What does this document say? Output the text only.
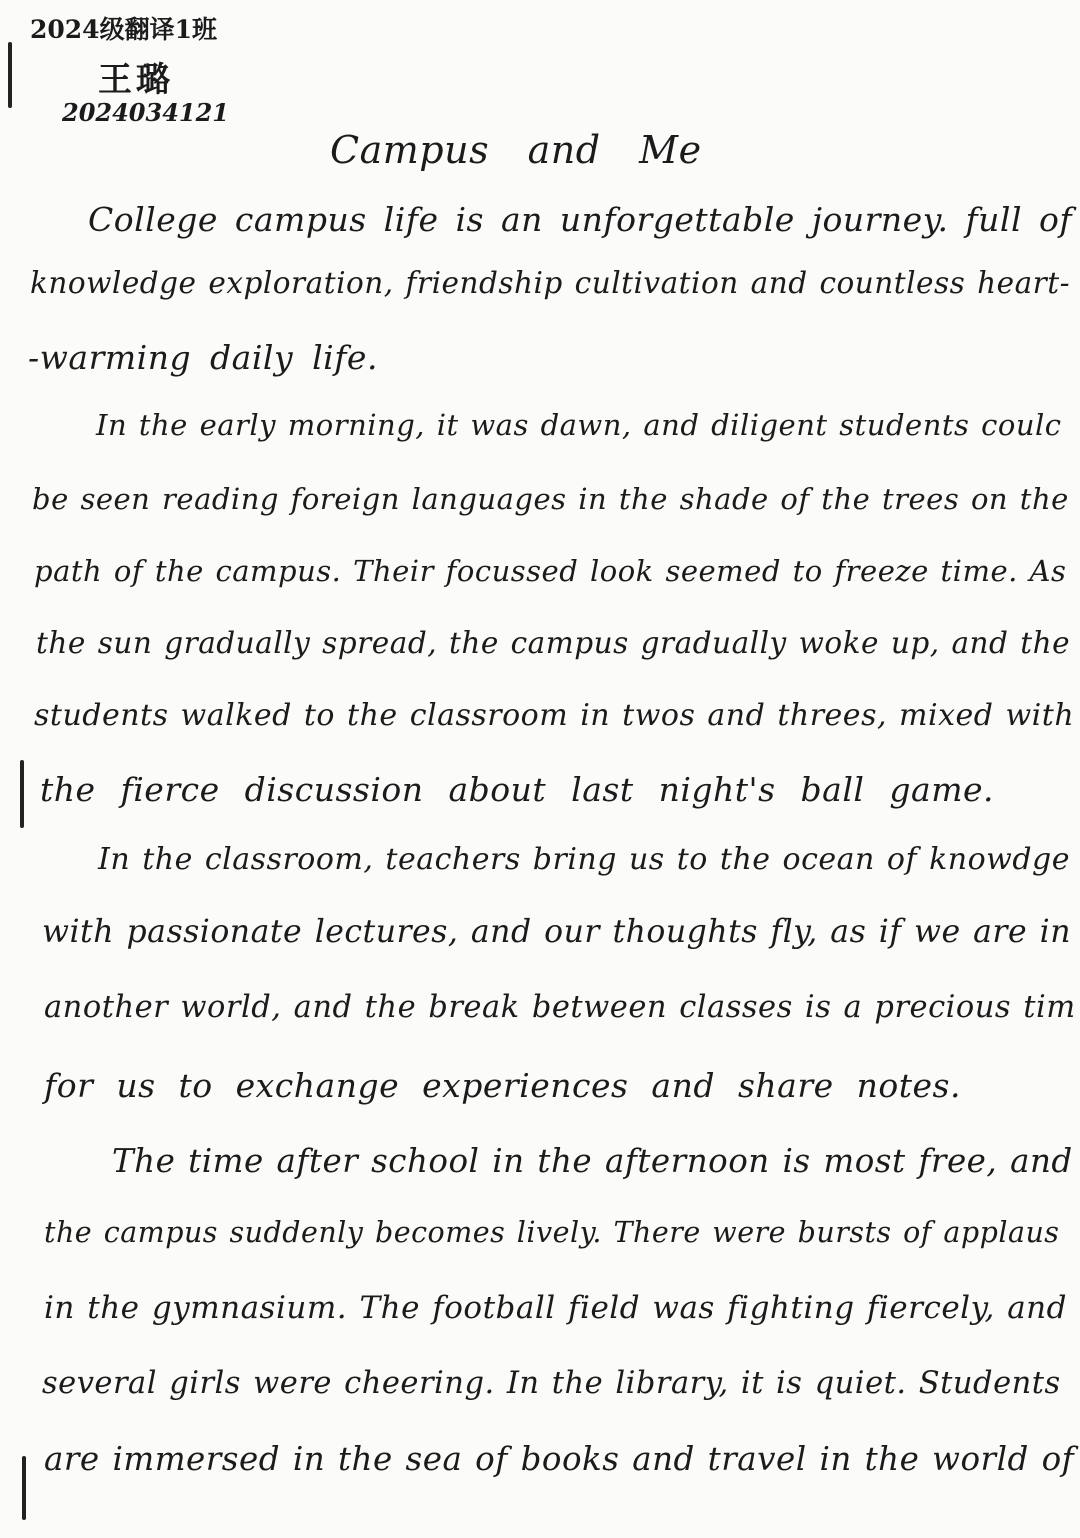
2024级翻译1班
王璐
2024034121
Campus and Me
College campus life is an unforgettable journey. full of
knowledge exploration, friendship cultivation and countless heart-
-warming daily life.
In the early morning, it was dawn, and diligent students coulc
be seen reading foreign languages in the shade of the trees on the
path of the campus. Their focussed look seemed to freeze time. As
the sun gradually spread, the campus gradually woke up, and the
students walked to the classroom in twos and threes, mixed with
the fierce discussion about last night's ball game.
In the classroom, teachers bring us to the ocean of knowdge
with passionate lectures, and our thoughts fly, as if we are in
another world, and the break between classes is a precious tim
for us to exchange experiences and share notes.
The time after school in the afternoon is most free, and
the campus suddenly becomes lively. There were bursts of applaus
in the gymnasium. The football field was fighting fiercely, and
several girls were cheering. In the library, it is quiet. Students
are immersed in the sea of books and travel in the world of
